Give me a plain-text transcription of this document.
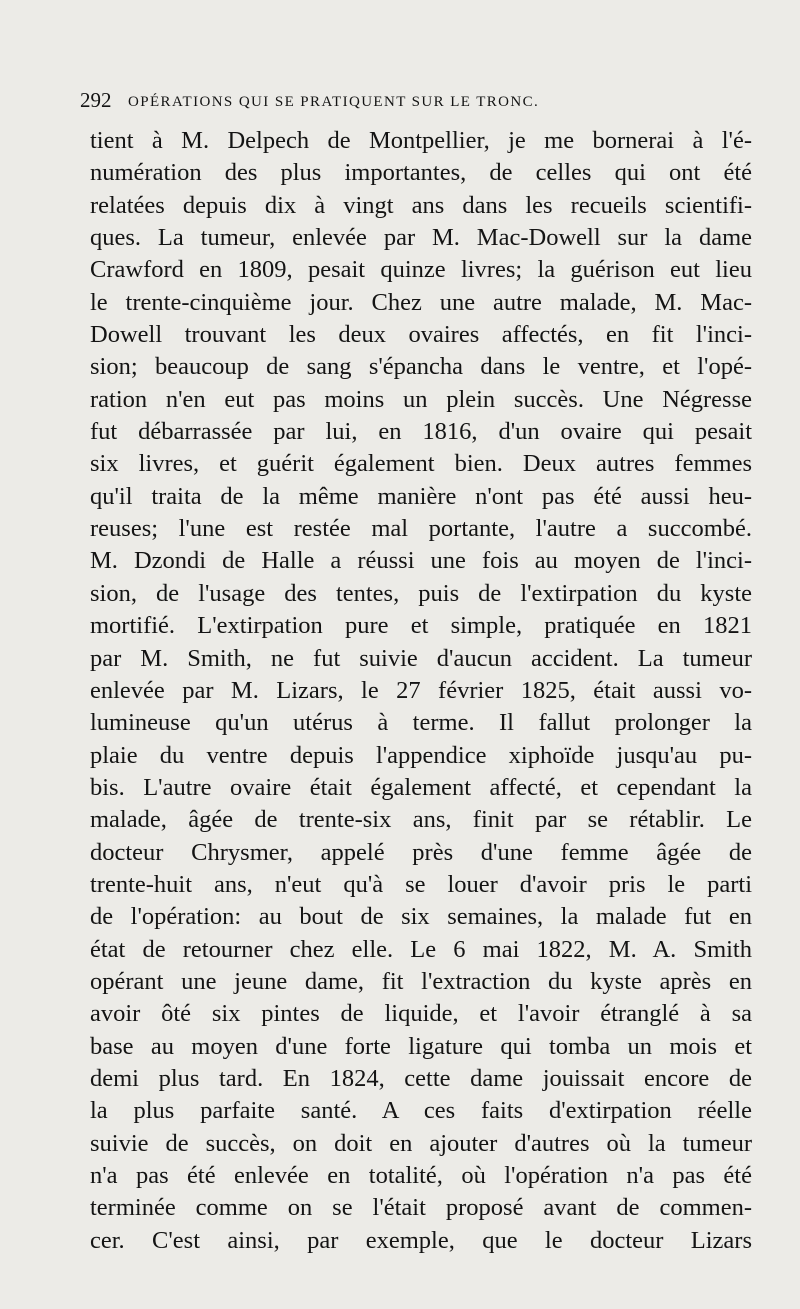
292 OPÉRATIONS QUI SE PRATIQUENT SUR LE TRONC.
tient à M. Delpech de Montpellier, je me bornerai à l'é-
numération des plus importantes, de celles qui ont été
relatées depuis dix à vingt ans dans les recueils scientifi-
ques. La tumeur, enlevée par M. Mac-Dowell sur la dame
Crawford en 1809, pesait quinze livres; la guérison eut lieu
le trente-cinquième jour. Chez une autre malade, M. Mac-
Dowell trouvant les deux ovaires affectés, en fit l'inci-
sion; beaucoup de sang s'épancha dans le ventre, et l'opé-
ration n'en eut pas moins un plein succès. Une Négresse
fut débarrassée par lui, en 1816, d'un ovaire qui pesait
six livres, et guérit également bien. Deux autres femmes
qu'il traita de la même manière n'ont pas été aussi heu-
reuses; l'une est restée mal portante, l'autre a succombé.
M. Dzondi de Halle a réussi une fois au moyen de l'inci-
sion, de l'usage des tentes, puis de l'extirpation du kyste
mortifié. L'extirpation pure et simple, pratiquée en 1821
par M. Smith, ne fut suivie d'aucun accident. La tumeur
enlevée par M. Lizars, le 27 février 1825, était aussi vo-
lumineuse qu'un utérus à terme. Il fallut prolonger la
plaie du ventre depuis l'appendice xiphoïde jusqu'au pu-
bis. L'autre ovaire était également affecté, et cependant la
malade, âgée de trente-six ans, finit par se rétablir. Le
docteur Chrysmer, appelé près d'une femme âgée de
trente-huit ans, n'eut qu'à se louer d'avoir pris le parti
de l'opération: au bout de six semaines, la malade fut en
état de retourner chez elle. Le 6 mai 1822, M. A. Smith
opérant une jeune dame, fit l'extraction du kyste après en
avoir ôté six pintes de liquide, et l'avoir étranglé à sa
base au moyen d'une forte ligature qui tomba un mois et
demi plus tard. En 1824, cette dame jouissait encore de
la plus parfaite santé. A ces faits d'extirpation réelle
suivie de succès, on doit en ajouter d'autres où la tumeur
n'a pas été enlevée en totalité, où l'opération n'a pas été
terminée comme on se l'était proposé avant de commen-
cer. C'est ainsi, par exemple, que le docteur Lizars
